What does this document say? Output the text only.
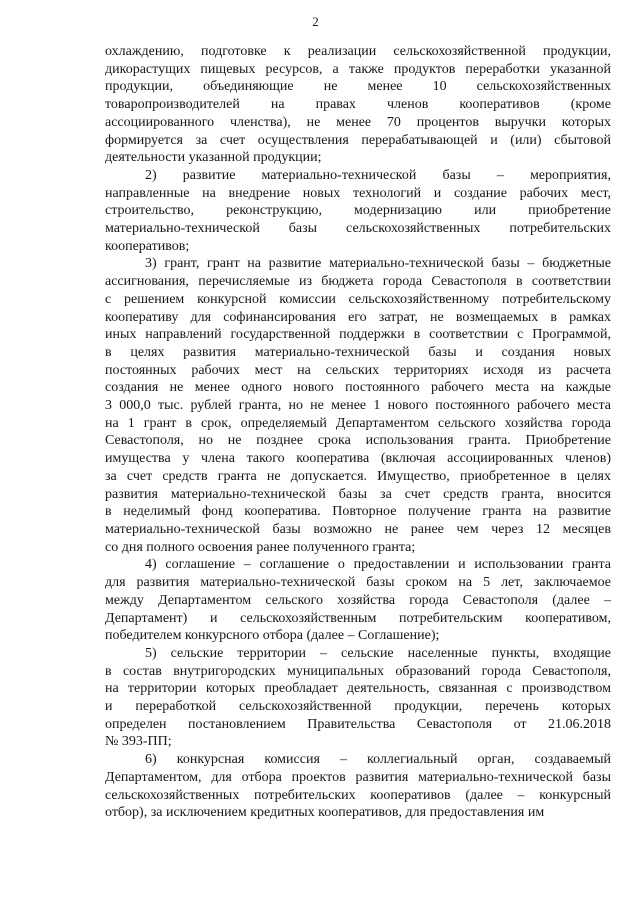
2
охлаждению, подготовке к реализации сельскохозяйственной продукции,
дикорастущих пищевых ресурсов, а также продуктов переработки указанной
продукции, объединяющие не менее 10 сельскохозяйственных
товаропроизводителей на правах членов кооперативов (кроме
ассоциированного членства), не менее 70 процентов выручки которых
формируется за счет осуществления перерабатывающей и (или) сбытовой
деятельности указанной продукции;
2) развитие материально-технической базы – мероприятия,
направленные на внедрение новых технологий и создание рабочих мест,
строительство, реконструкцию, модернизацию или приобретение
материально-технической базы сельскохозяйственных потребительских
кооперативов;
3) грант, грант на развитие материально-технической базы – бюджетные
ассигнования, перечисляемые из бюджета города Севастополя в соответствии
с решением конкурсной комиссии сельскохозяйственному потребительскому
кооперативу для софинансирования его затрат, не возмещаемых в рамках
иных направлений государственной поддержки в соответствии с Программой,
в целях развития материально-технической базы и создания новых
постоянных рабочих мест на сельских территориях исходя из расчета
создания не менее одного нового постоянного рабочего места на каждые
3 000,0 тыс. рублей гранта, но не менее 1 нового постоянного рабочего места
на 1 грант в срок, определяемый Департаментом сельского хозяйства города
Севастополя, но не позднее срока использования гранта. Приобретение
имущества у члена такого кооператива (включая ассоциированных членов)
за счет средств гранта не допускается. Имущество, приобретенное в целях
развития материально-технической базы за счет средств гранта, вносится
в неделимый фонд кооператива. Повторное получение гранта на развитие
материально-технической базы возможно не ранее чем через 12 месяцев
со дня полного освоения ранее полученного гранта;
4) соглашение – соглашение о предоставлении и использовании гранта
для развития материально-технической базы сроком на 5 лет, заключаемое
между Департаментом сельского хозяйства города Севастополя (далее –
Департамент) и сельскохозяйственным потребительским кооперативом,
победителем конкурсного отбора (далее – Соглашение);
5) сельские территории – сельские населенные пункты, входящие
в состав внутригородских муниципальных образований города Севастополя,
на территории которых преобладает деятельность, связанная с производством
и переработкой сельскохозяйственной продукции, перечень которых
определен постановлением Правительства Севастополя от 21.06.2018
№ 393-ПП;
6) конкурсная комиссия – коллегиальный орган, создаваемый
Департаментом, для отбора проектов развития материально-технической базы
сельскохозяйственных потребительских кооперативов (далее – конкурсный
отбор), за исключением кредитных кооперативов, для предоставления им
